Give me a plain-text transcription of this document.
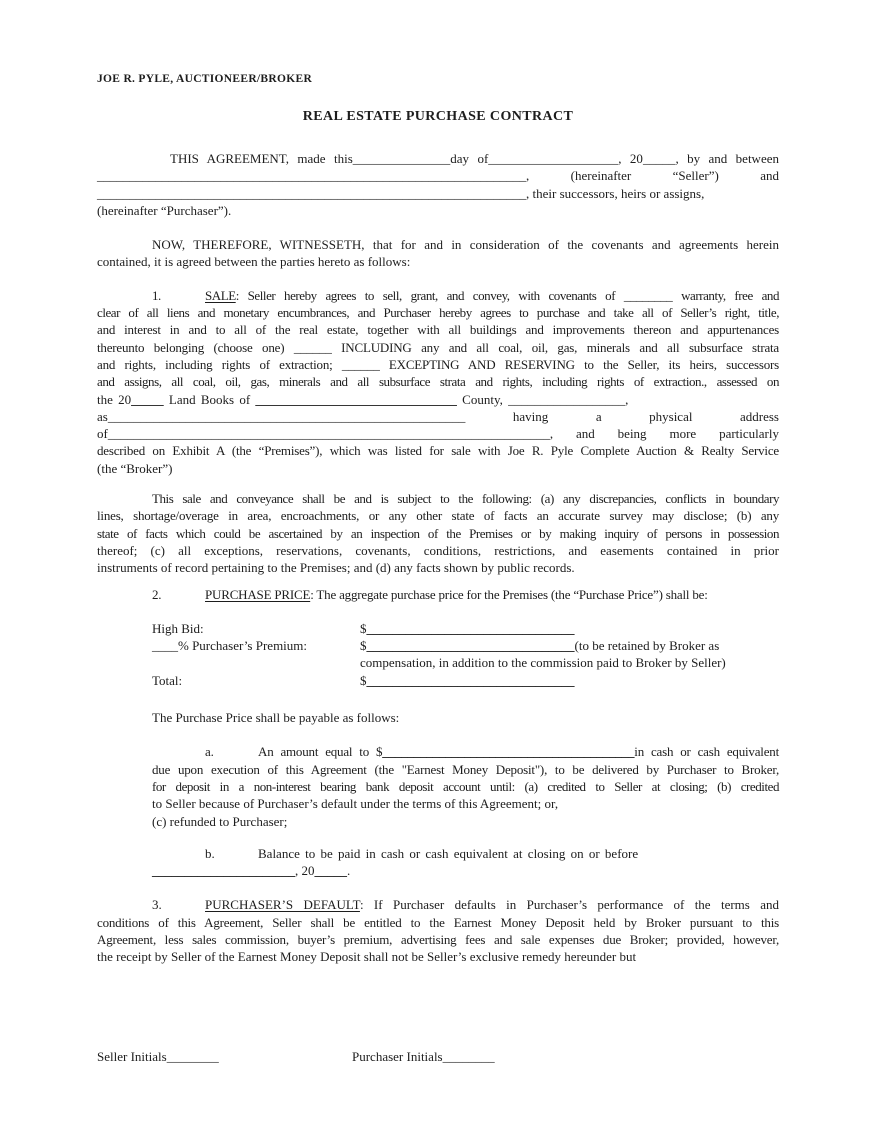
JOE R. PYLE, AUCTIONEER/BROKER
REAL ESTATE PURCHASE CONTRACT
THIS AGREEMENT, made this_______________day of____________________, 20_____, by and between
__________________________________________________________________, (hereinafter “Seller”) and
__________________________________________________________________, their successors, heirs or assigns,
(hereinafter “Purchaser”).
NOW, THEREFORE, WITNESSETH, that for and in consideration of the covenants and agreements herein
contained, it is agreed between the parties hereto as follows:
1.	SALE: Seller hereby agrees to sell, grant, and convey, with covenants of ________ warranty, free and
clear of all liens and monetary encumbrances, and Purchaser hereby agrees to purchase and take all of Seller’s right, title,
and interest in and to all of the real estate, together with all buildings and improvements thereon and appurtenances
thereunto belonging (choose one) ______ INCLUDING any and all coal, oil, gas, minerals and all subsurface strata
and rights, including rights of extraction; ______ EXCEPTING AND RESERVING to the Seller, its heirs, successors
and assigns, all coal, oil, gas, minerals and all subsurface strata and rights, including rights of extraction., assessed on
the 20_____ Land Books of _______________________________ County, __________________,
as_______________________________________________________ having a physical address
of____________________________________________________________________, and being more particularly
described on Exhibit A (the “Premises”), which was listed for sale with Joe R. Pyle Complete Auction & Realty Service
(the “Broker”)
This sale and conveyance shall be and is subject to the following: (a) any discrepancies, conflicts in boundary
lines, shortage/overage in area, encroachments, or any other state of facts an accurate survey may disclose; (b) any
state of facts which could be ascertained by an inspection of the Premises or by making inquiry of persons in possession
thereof; (c) all exceptions, reservations, covenants, conditions, restrictions, and easements contained in prior
instruments of record pertaining to the Premises; and (d) any facts shown by public records.
2.	PURCHASE PRICE: The aggregate purchase price for the Premises (the “Purchase Price”) shall be:
High Bid:	$________________________________
____% Purchaser’s Premium:	$________________________________(to be retained by Broker as
compensation, in addition to the commission paid to Broker by Seller)
Total:	$________________________________
The Purchase Price shall be payable as follows:
a.	An amount equal to $________________________________________in cash or cash equivalent
due upon execution of this Agreement (the "Earnest Money Deposit"), to be delivered by Purchaser to Broker,
for deposit in a non-interest bearing bank deposit account until: (a) credited to Seller at closing; (b) credited
to Seller because of Purchaser’s default under the terms of this Agreement; or,
(c) refunded to Purchaser;
b.	Balance to be paid in cash or cash equivalent at closing on or before
______________________, 20_____.
3.	PURCHASER’S DEFAULT: If Purchaser defaults in Purchaser’s performance of the terms and
conditions of this Agreement, Seller shall be entitled to the Earnest Money Deposit held by Broker pursuant to this
Agreement, less sales commission, buyer’s premium, advertising fees and sale expenses due Broker; provided, however,
the receipt by Seller of the Earnest Money Deposit shall not be Seller’s exclusive remedy hereunder but
Seller Initials________	Purchaser Initials________
